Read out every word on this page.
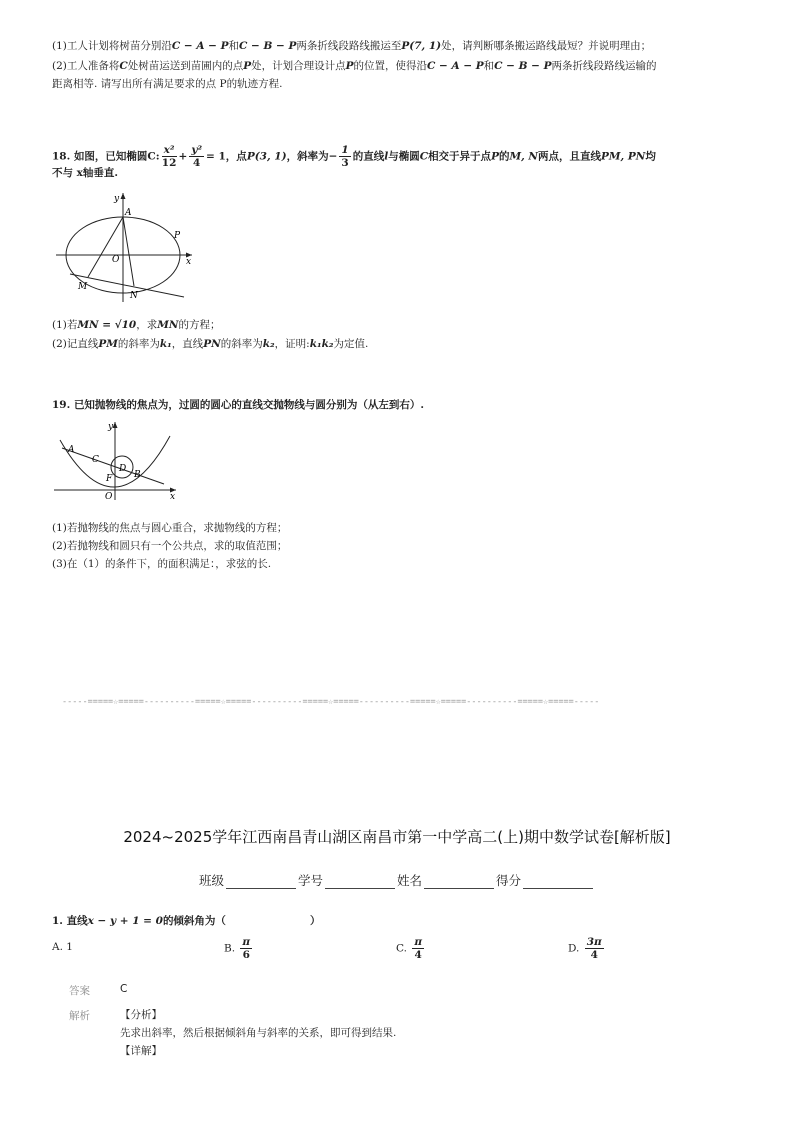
(1)工人计划将树苗分别沿C − A − P和C − B − P两条折线段路线搬运至P(7, 1)处，请判断哪条搬运路线最短？并说明理由；
(2)工人准备将C处树苗运送到苗圃内的点P处，计划合理设计点P的位置，使得沿C − A − P和C − B − P两条折线段路线运输的
距离相等. 请写出所有满足要求的点 P的轨迹方程.
18. 如图，已知椭圆C: $\frac{\text{x²}}{12} + \frac{\text{y²}}{4} = 1$，点P(3, 1)，斜率为− $\frac{1}{3}$ 的直线l与椭圆C相交于异于点P的M, N两点，且直线PM, PN均
不与 x轴垂直.
y
A
P
O	x
M
N
(1)若MN = √10，求MN的方程；
(2)记直线PM的斜率为k₁，直线PN的斜率为k₂，证明:k₁k₂为定值.
19. 已知抛物线的焦点为，过圆的圆心的直线交抛物线与圆分别为（从左到右）.
y
A
C
D
F B
O	x
(1)若抛物线的焦点与圆心重合，求抛物线的方程；
(2)若抛物线和圆只有一个公共点，求的取值范围；
(3)在（1）的条件下，的面积满足：，求弦的长.
-----=====☆=====----------=====☆=====----------=====☆=====----------=====☆=====----------=====☆=====-----
2024~2025学年江西南昌青山湖区南昌市第一中学高二(上)期中数学试卷[解析版]
班级	学号	姓名	得分
1. 直线x − y + 1 = 0的倾斜角为（	）
A. 1	B. $\frac{\pi}{6}$	C. $\frac{\pi}{4}$	D. $\frac{3\pi}{4}$
答案	C
解析	【分析】
先求出斜率，然后根据倾斜角与斜率的关系，即可得到结果.
【详解】
